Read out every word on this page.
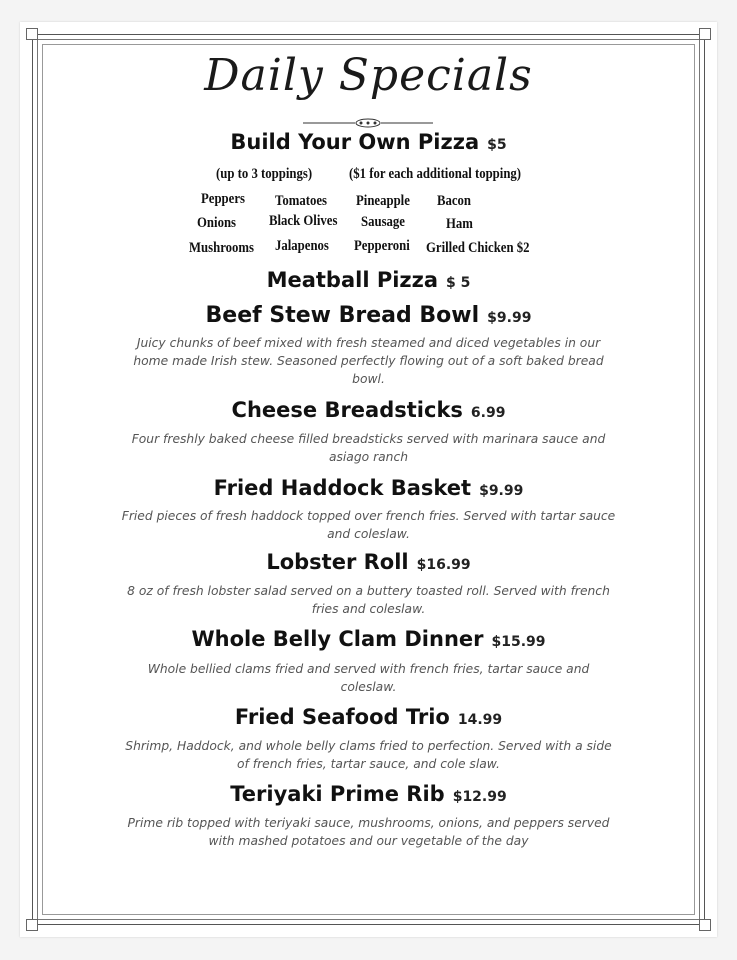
Daily Specials
Build Your Own Pizza $5
(up to 3 toppings)	($1 for each additional topping)
Peppers Tomatoes Pineapple Bacon
Onions Black Olives Sausage	Ham
Mushrooms Jalapenos Pepperoni Grilled Chicken $2
Meatball Pizza $ 5
Beef Stew Bread Bowl $9.99
Juicy chunks of beef mixed with fresh steamed and diced vegetables in our home made Irish stew. Seasoned perfectly flowing out of a soft baked bread bowl.
Cheese Breadsticks 6.99
Four freshly baked cheese filled breadsticks served with marinara sauce and asiago ranch
Fried Haddock Basket $9.99
Fried pieces of fresh haddock topped over french fries. Served with tartar sauce and coleslaw.
Lobster Roll $16.99
8 oz of fresh lobster salad served on a buttery toasted roll. Served with french fries and coleslaw.
Whole Belly Clam Dinner $15.99
Whole bellied clams fried and served with french fries, tartar sauce and coleslaw.
Fried Seafood Trio 14.99
Shrimp, Haddock, and whole belly clams fried to perfection. Served with a side of french fries, tartar sauce, and cole slaw.
Teriyaki Prime Rib $12.99
Prime rib topped with teriyaki sauce, mushrooms, onions, and peppers served with mashed potatoes and our vegetable of the day
